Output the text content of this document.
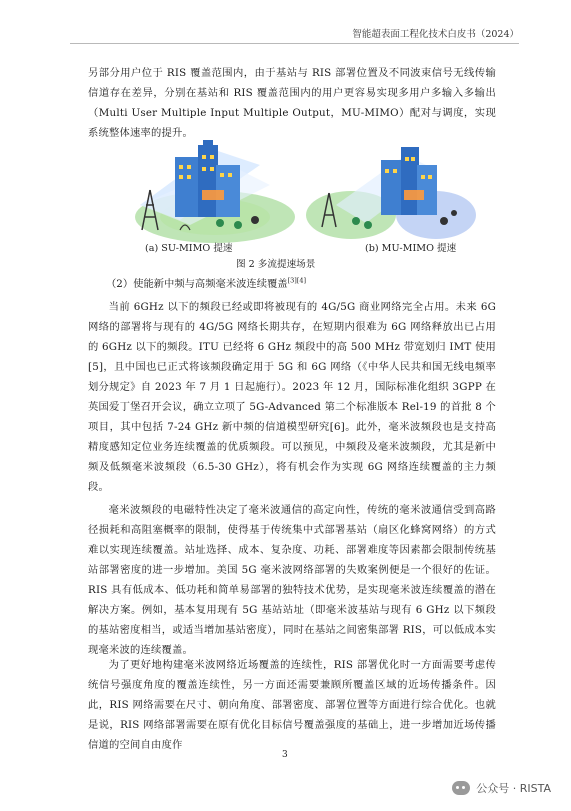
智能超表面工程化技术白皮书（2024）

另部分用户位于 RIS 覆盖范围内，由于基站与 RIS 部署位置及不同波束信号无线传输信道存在差异，分别在基站和 RIS 覆盖范围内的用户更容易实现多用户多输入多输出（Multi User Multiple Input Multiple Output，MU-MIMO）配对与调度，实现系统整体速率的提升。

(a) SU-MIMO 提速	(b) MU-MIMO 提速
图 2 多流提速场景
（2）使能新中频与高频毫米波连续覆盖[3][4]

当前 6GHz 以下的频段已经或即将被现有的 4G/5G 商业网络完全占用。未来 6G 网络的部署将与现有的 4G/5G 网络长期共存，在短期内很难为 6G 网络释放出已占用的 6GHz 以下的频段。ITU 已经将 6 GHz 频段中的高 500 MHz 带宽划归 IMT 使用[5]，且中国也已正式将该频段确定用于 5G 和 6G 网络（《中华人民共和国无线电频率划分规定》自 2023 年 7 月 1 日起施行）。2023 年 12 月，国际标准化组织 3GPP 在英国爱丁堡召开会议，确立立项了 5G-Advanced 第二个标准版本 Rel-19 的首批 8 个项目，其中包括 7-24 GHz 新中频的信道模型研究[6]。此外，毫米波频段也是支持高精度感知定位业务连续覆盖的优质频段。可以预见，中频段及毫米波频段，尤其是新中频及低频毫米波频段（6.5-30 GHz），将有机会作为实现 6G 网络连续覆盖的主力频段。

毫米波频段的电磁特性决定了毫米波通信的高定向性，传统的毫米波通信受到高路径损耗和高阻塞概率的限制，使得基于传统集中式部署基站（扇区化蜂窝网络）的方式难以实现连续覆盖。站址选择、成本、复杂度、功耗、部署难度等因素都会限制传统基站部署密度的进一步增加。美国 5G 毫米波网络部署的失败案例便是一个很好的佐证。RIS 具有低成本、低功耗和简单易部署的独特技术优势，是实现毫米波连续覆盖的潜在解决方案。例如，基本复用现有 5G 基站站址（即毫米波基站与现有 6 GHz 以下频段的基站密度相当，或适当增加基站密度），同时在基站之间密集部署 RIS，可以低成本实现毫米波的连续覆盖。

为了更好地构建毫米波网络近场覆盖的连续性，RIS 部署优化时一方面需要考虑传统信号强度角度的覆盖连续性，另一方面还需要兼顾所覆盖区域的近场传播条件。因此，RIS 网络需要在尺寸、朝向角度、部署密度、部署位置等方面进行综合优化。也就是说，RIS 网络部署需要在原有优化目标信号覆盖强度的基础上，进一步增加近场传播信道的空间自由度作

3
公众号 · RISTA
